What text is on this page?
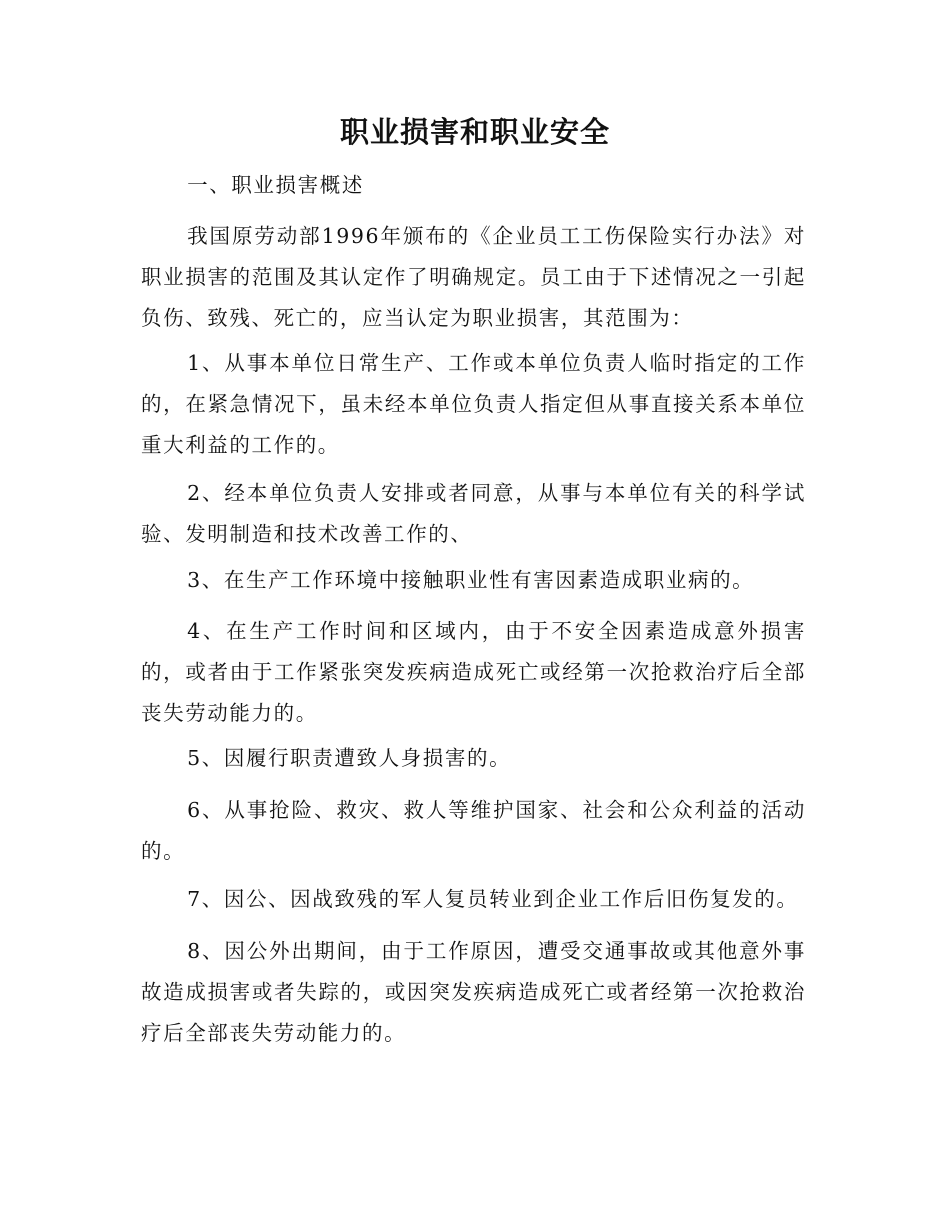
职业损害和职业安全

一、职业损害概述

我国原劳动部1996年颁布的《企业员工工伤保险实行办法》对职业损害的范围及其认定作了明确规定。员工由于下述情况之一引起负伤、致残、死亡的，应当认定为职业损害，其范围为：

1、从事本单位日常生产、工作或本单位负责人临时指定的工作的，在紧急情况下，虽未经本单位负责人指定但从事直接关系本单位重大利益的工作的。

2、经本单位负责人安排或者同意，从事与本单位有关的科学试验、发明制造和技术改善工作的、

3、在生产工作环境中接触职业性有害因素造成职业病的。

4、在生产工作时间和区域内，由于不安全因素造成意外损害的，或者由于工作紧张突发疾病造成死亡或经第一次抢救治疗后全部丧失劳动能力的。

5、因履行职责遭致人身损害的。

6、从事抢险、救灾、救人等维护国家、社会和公众利益的活动的。

7、因公、因战致残的军人复员转业到企业工作后旧伤复发的。

8、因公外出期间，由于工作原因，遭受交通事故或其他意外事故造成损害或者失踪的，或因突发疾病造成死亡或者经第一次抢救治疗后全部丧失劳动能力的。
